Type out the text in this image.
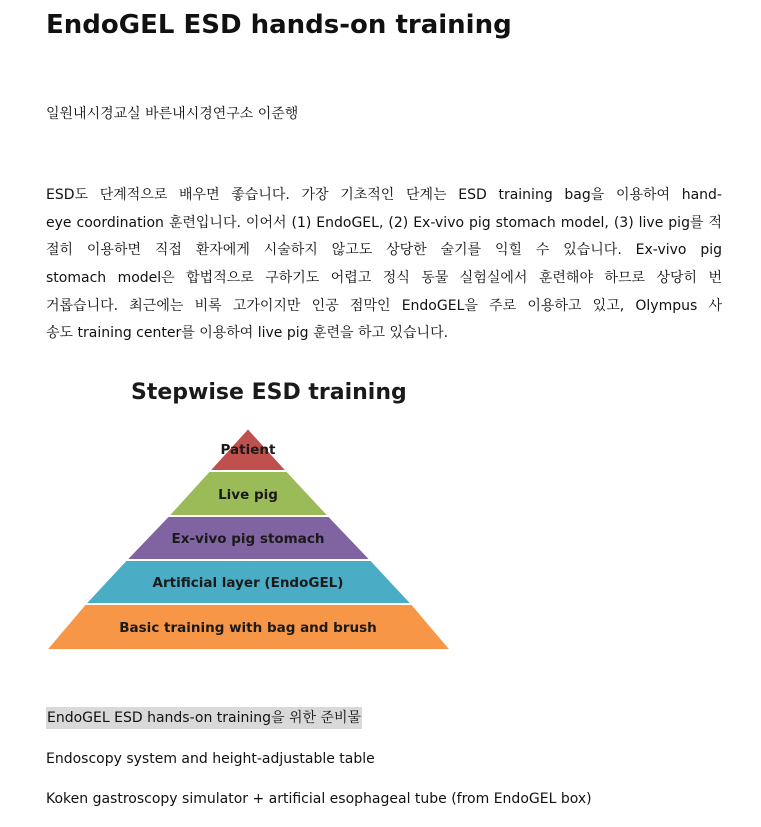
EndoGEL ESD hands-on training
일원내시경교실 바른내시경연구소 이준행
ESD도 단계적으로 배우면 좋습니다. 가장 기초적인 단계는 ESD training bag을 이용하여 hand-
eye coordination 훈련입니다. 이어서 (1) EndoGEL, (2) Ex-vivo pig stomach model, (3) live pig를 적
절히 이용하면 직접 환자에게 시술하지 않고도 상당한 술기를 익힐 수 있습니다. Ex-vivo pig
stomach model은 합법적으로 구하기도 어렵고 정식 동물 실험실에서 훈련해야 하므로 상당히 번
거롭습니다. 최근에는 비록 고가이지만 인공 점막인 EndoGEL을 주로 이용하고 있고, Olympus 사
송도 training center를 이용하여 live pig 훈련을 하고 있습니다.
Stepwise ESD training
Patient
Live pig
Ex-vivo pig stomach
Artificial layer (EndoGEL)
Basic training with bag and brush
EndoGEL ESD hands-on training을 위한 준비물
Endoscopy system and height-adjustable table
Koken gastroscopy simulator + artificial esophageal tube (from EndoGEL box)
